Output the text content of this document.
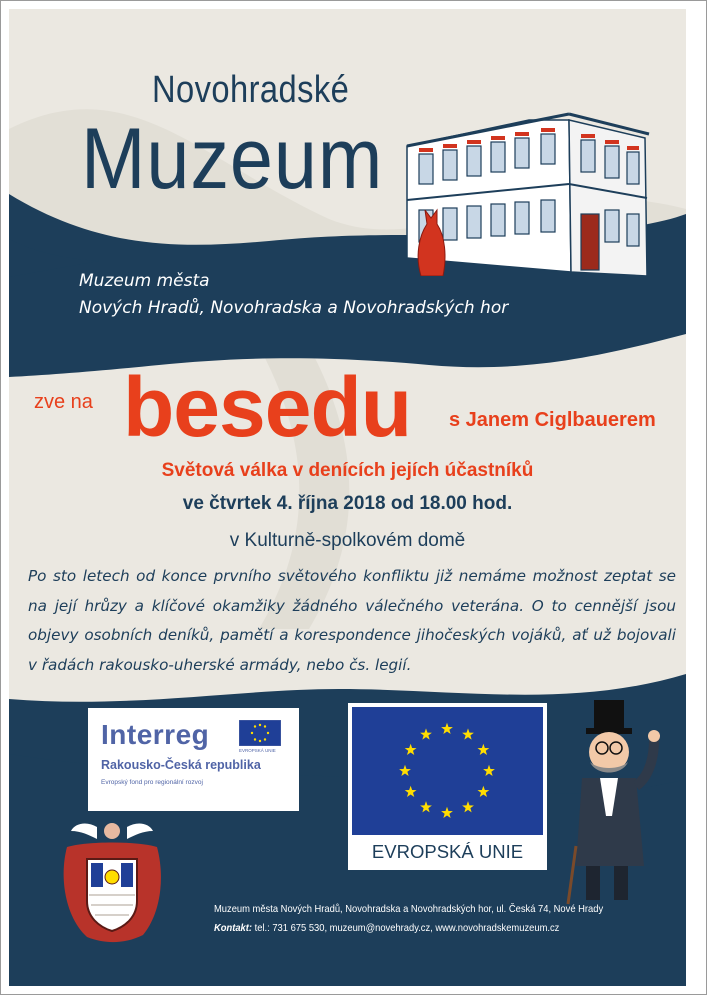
Novohradské
Muzeum
Muzeum města
Nových Hradů, Novohradska a Novohradských hor
zve na besedu s Janem Ciglbauerem
Světová válka v denících jejích účastníků
ve čtvrtek 4. října 2018 od 18.00 hod.
v Kulturně-spolkovém domě
Po sto letech od konce prvního světového konfliktu již nemáme možnost zeptat se na její hrůzy a klíčové okamžiky žádného válečného veterána. O to cennější jsou objevy osobních deníků, pamětí a korespondence jihočeských vojáků, ať už bojovali v řadách rakousko-uherské armády, nebo čs. legií.
Interreg
Rakousko-Česká republika
Evropský fond pro regionální rozvoj
EVROPSKÁ UNIE
EVROPSKÁ UNIE
Muzeum města Nových Hradů, Novohradska a Novohradských hor, ul. Česká 74, Nové Hrady
Kontakt: tel.: 731 675 530, muzeum@novehrady.cz, www.novohradskemuzeum.cz
